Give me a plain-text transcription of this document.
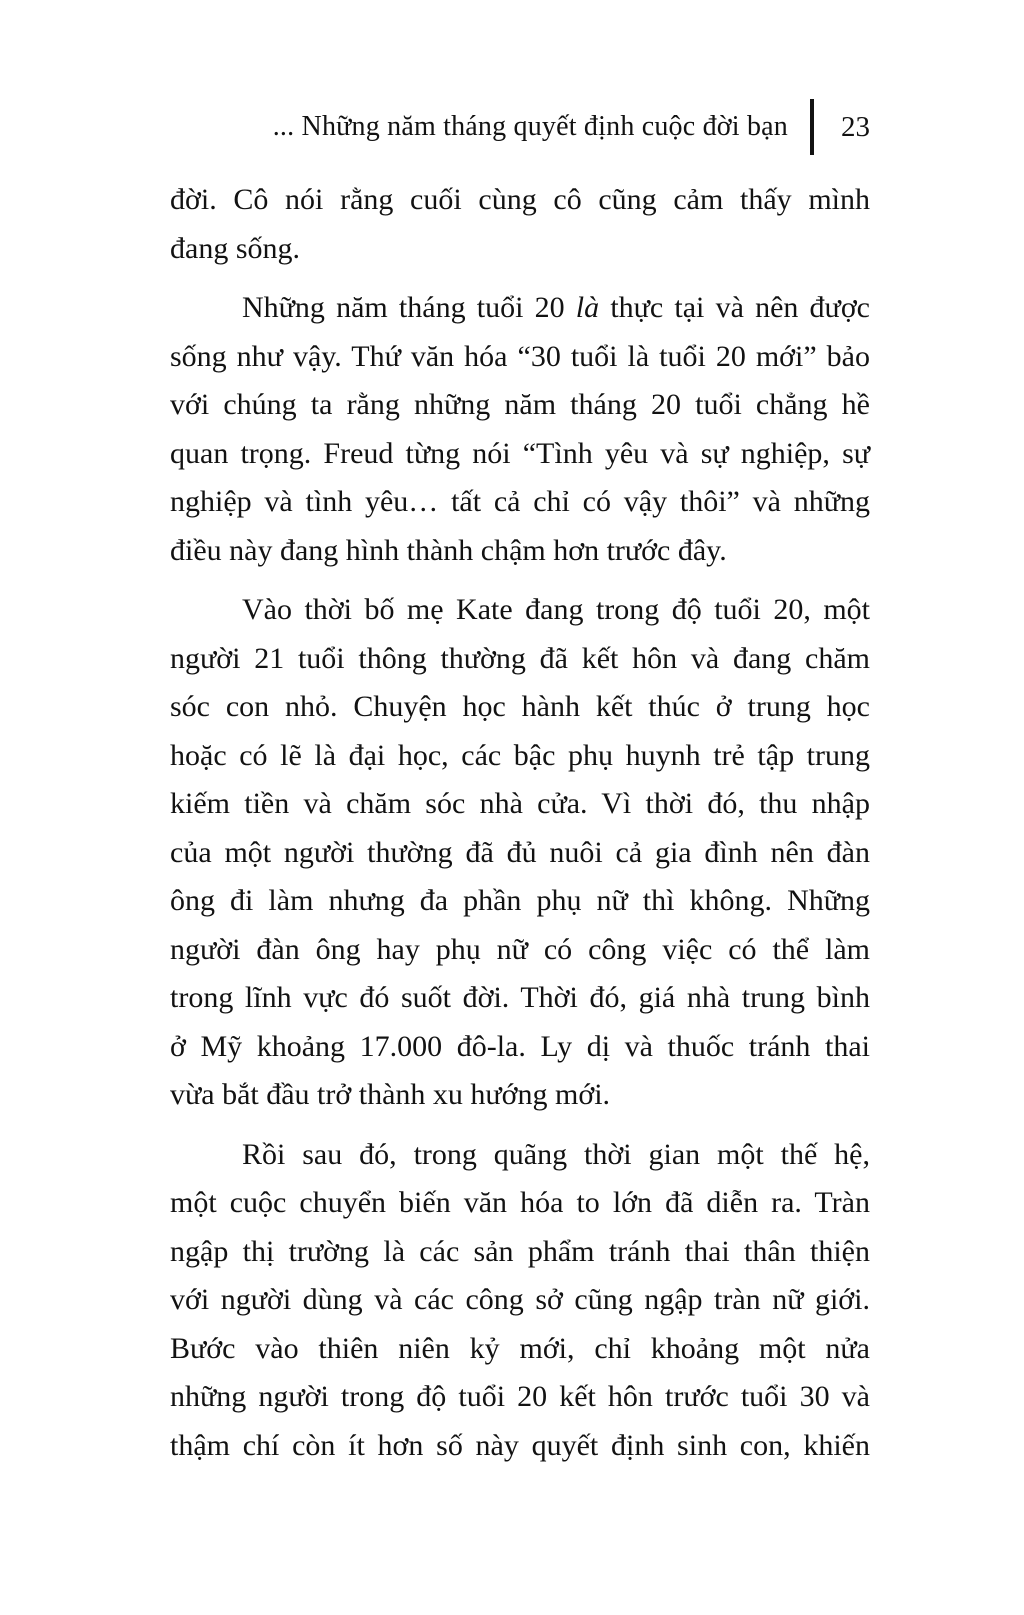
... Những năm tháng quyết định cuộc đời bạn 23
đời. Cô nói rằng cuối cùng cô cũng cảm thấy mình
đang sống.
Những năm tháng tuổi 20 là thực tại và nên được
sống như vậy. Thứ văn hóa “30 tuổi là tuổi 20 mới” bảo
với chúng ta rằng những năm tháng 20 tuổi chẳng hề
quan trọng. Freud từng nói “Tình yêu và sự nghiệp, sự
nghiệp và tình yêu… tất cả chỉ có vậy thôi” và những
điều này đang hình thành chậm hơn trước đây.
Vào thời bố mẹ Kate đang trong độ tuổi 20, một
người 21 tuổi thông thường đã kết hôn và đang chăm
sóc con nhỏ. Chuyện học hành kết thúc ở trung học
hoặc có lẽ là đại học, các bậc phụ huynh trẻ tập trung
kiếm tiền và chăm sóc nhà cửa. Vì thời đó, thu nhập
của một người thường đã đủ nuôi cả gia đình nên đàn
ông đi làm nhưng đa phần phụ nữ thì không. Những
người đàn ông hay phụ nữ có công việc có thể làm
trong lĩnh vực đó suốt đời. Thời đó, giá nhà trung bình
ở Mỹ khoảng 17.000 đô-la. Ly dị và thuốc tránh thai
vừa bắt đầu trở thành xu hướng mới.
Rồi sau đó, trong quãng thời gian một thế hệ,
một cuộc chuyển biến văn hóa to lớn đã diễn ra. Tràn
ngập thị trường là các sản phẩm tránh thai thân thiện
với người dùng và các công sở cũng ngập tràn nữ giới.
Bước vào thiên niên kỷ mới, chỉ khoảng một nửa
những người trong độ tuổi 20 kết hôn trước tuổi 30 và
thậm chí còn ít hơn số này quyết định sinh con, khiến
